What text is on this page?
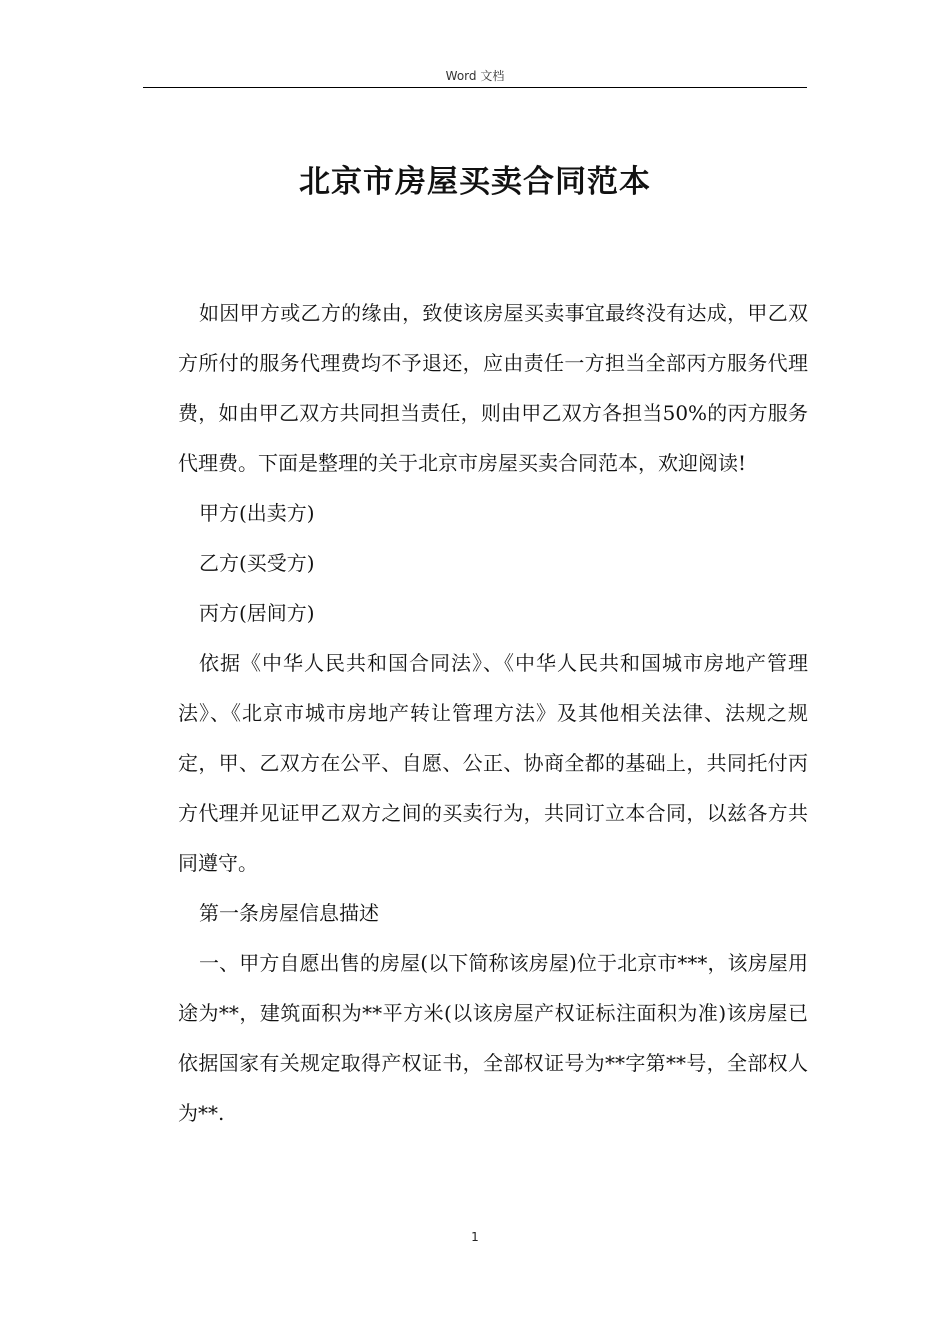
Word 文档
北京市房屋买卖合同范本

如因甲方或乙方的缘由，致使该房屋买卖事宜最终没有达成，甲乙双方所付的服务代理费均不予退还，应由责任一方担当全部丙方服务代理费，如由甲乙双方共同担当责任，则由甲乙双方各担当50%的丙方服务代理费。下面是整理的关于北京市房屋买卖合同范本，欢迎阅读!

甲方(出卖方)

乙方(买受方)

丙方(居间方)

依据《中华人民共和国合同法》、《中华人民共和国城市房地产管理法》、《北京市城市房地产转让管理方法》及其他相关法律、法规之规定，甲、乙双方在公平、自愿、公正、协商全都的基础上，共同托付丙方代理并见证甲乙双方之间的买卖行为，共同订立本合同，以兹各方共同遵守。

第一条房屋信息描述

一、甲方自愿出售的房屋(以下简称该房屋)位于北京市***，该房屋用途为**，建筑面积为**平方米(以该房屋产权证标注面积为准)该房屋已依据国家有关规定取得产权证书，全部权证号为**字第**号，全部权人为**.

1
